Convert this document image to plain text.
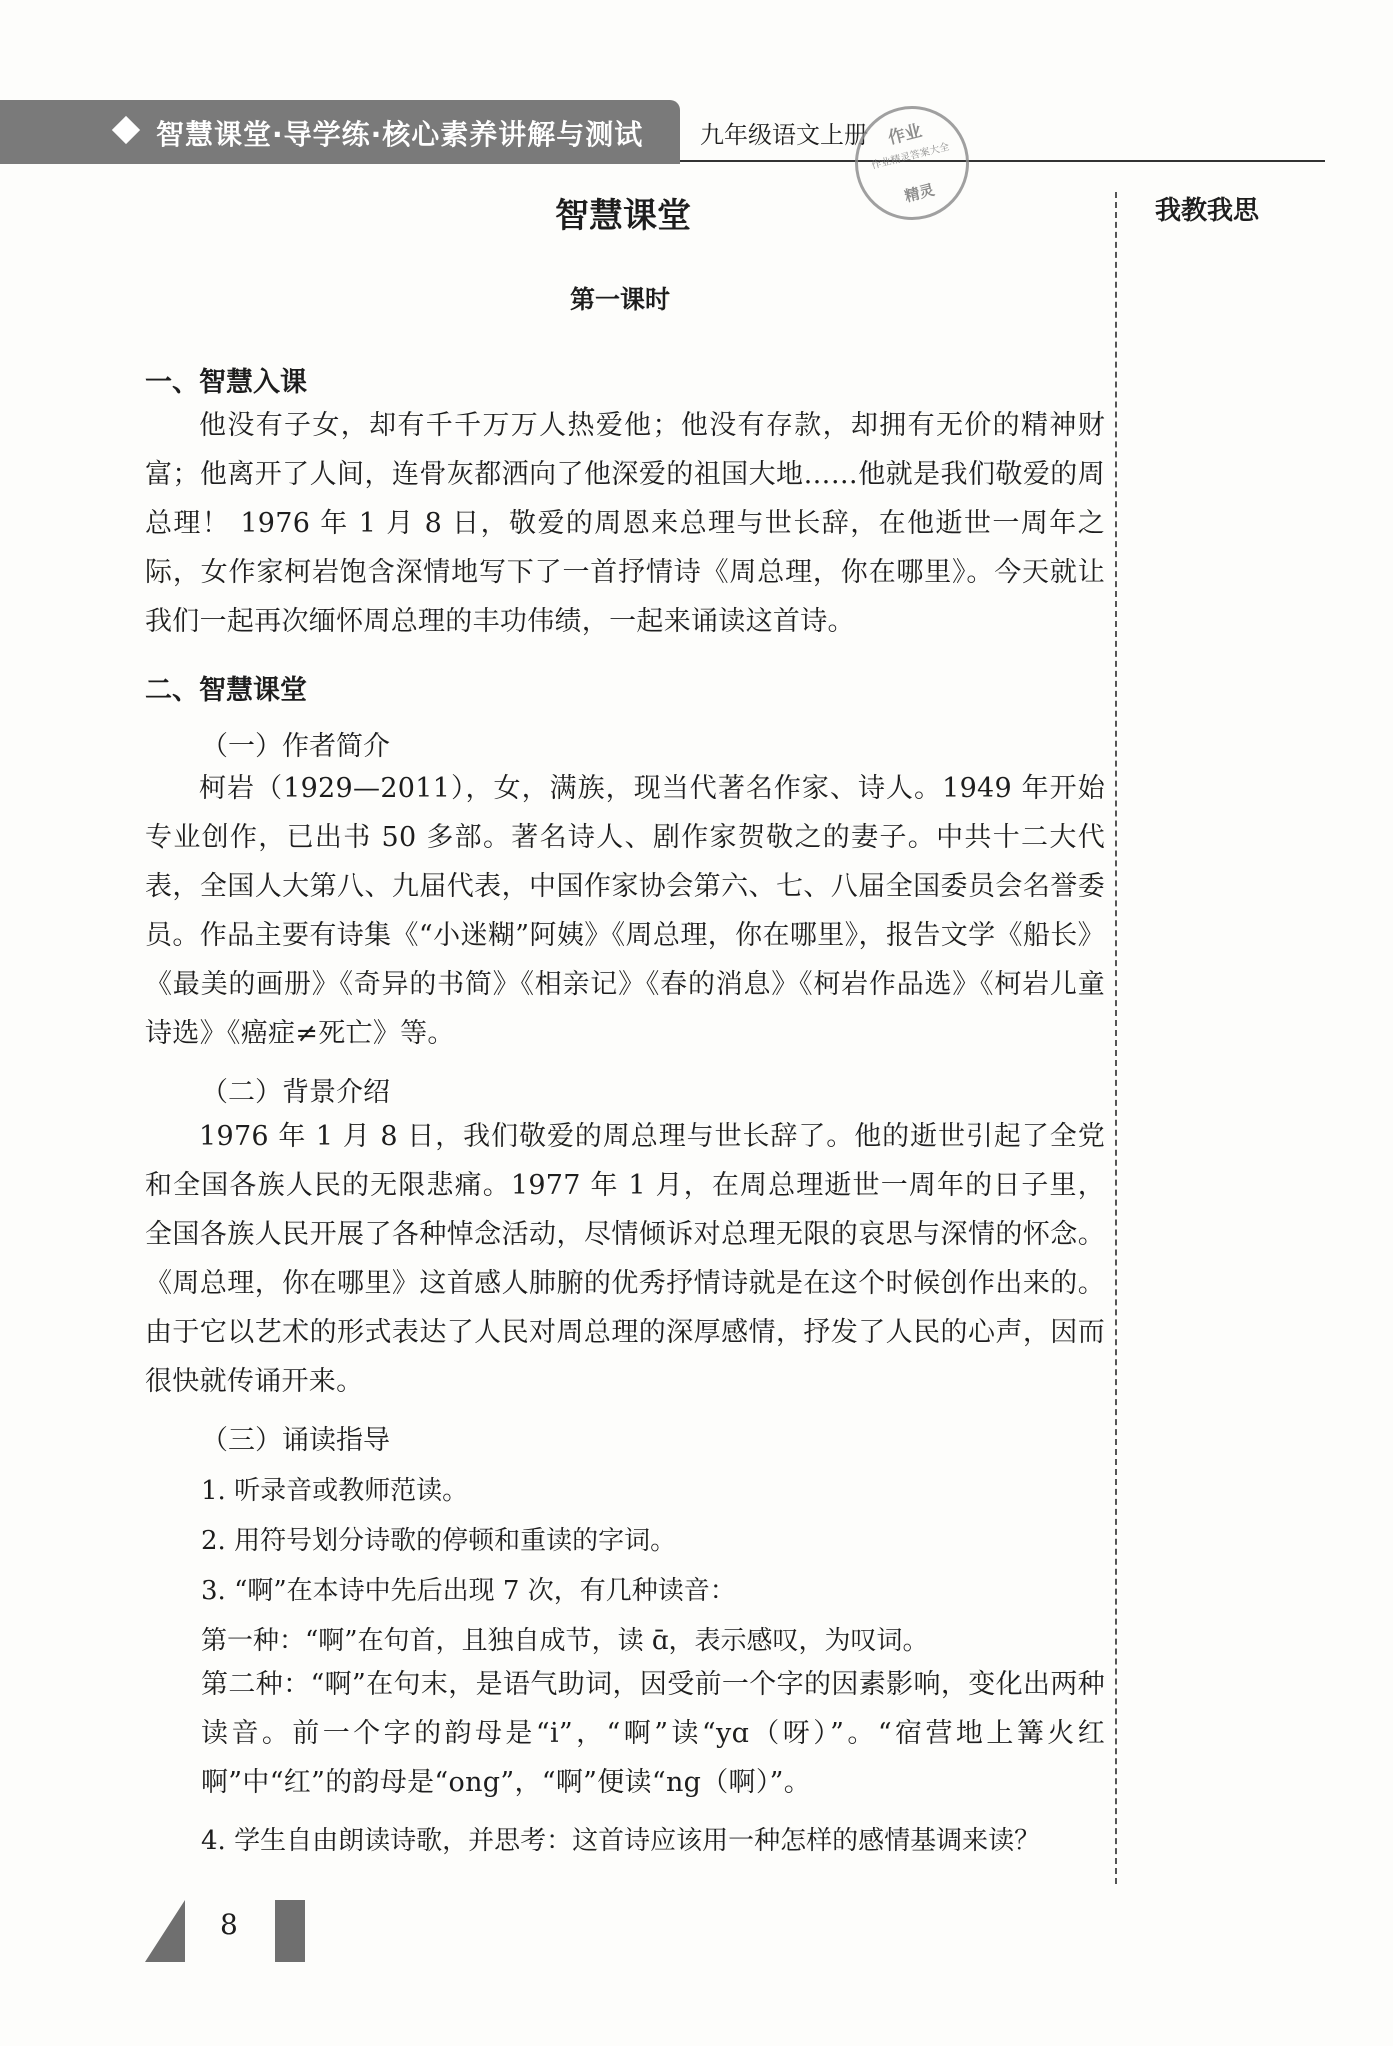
智慧课堂·导学练·核心素养讲解与测试 九年级语文上册	作业
作业精灵答案大全
精灵
我教我思
智慧课堂
第一课时
一、智慧入课
他没有子女，却有千千万万人热爱他；他没有存款，却拥有无价的精神财富；他离开了人间，连骨灰都洒向了他深爱的祖国大地……他就是我们敬爱的周总理！ 1976 年 1 月 8 日，敬爱的周恩来总理与世长辞，在他逝世一周年之际，女作家柯岩饱含深情地写下了一首抒情诗《周总理，你在哪里》。今天就让我们一起再次缅怀周总理的丰功伟绩，一起来诵读这首诗。
二、智慧课堂
（一）作者简介
柯岩（1929—2011），女，满族，现当代著名作家、诗人。1949 年开始专业创作，已出书 50 多部。著名诗人、剧作家贺敬之的妻子。中共十二大代表，全国人大第八、九届代表，中国作家协会第六、七、八届全国委员会名誉委员。作品主要有诗集《“小迷糊”阿姨》《周总理，你在哪里》，报告文学《船长》《最美的画册》《奇异的书简》《相亲记》《春的消息》《柯岩作品选》《柯岩儿童诗选》《癌症≠死亡》等。
（二）背景介绍
1976 年 1 月 8 日，我们敬爱的周总理与世长辞了。他的逝世引起了全党和全国各族人民的无限悲痛。1977 年 1 月，在周总理逝世一周年的日子里，全国各族人民开展了各种悼念活动，尽情倾诉对总理无限的哀思与深情的怀念。《周总理，你在哪里》这首感人肺腑的优秀抒情诗就是在这个时候创作出来的。由于它以艺术的形式表达了人民对周总理的深厚感情，抒发了人民的心声，因而很快就传诵开来。
（三）诵读指导
1. 听录音或教师范读。
2. 用符号划分诗歌的停顿和重读的字词。
3. “啊”在本诗中先后出现 7 次，有几种读音：
第一种：“啊”在句首，且独自成节，读 ɑ̄，表示感叹，为叹词。
第二种：“啊”在句末，是语气助词，因受前一个字的因素影响，变化出两种读音。前一个字的韵母是“i”，“啊”读“yɑ（呀）”。“宿营地上篝火红啊”中“红”的韵母是“ong”，“啊”便读“ng（啊）”。
4. 学生自由朗读诗歌，并思考：这首诗应该用一种怎样的感情基调来读？
8
